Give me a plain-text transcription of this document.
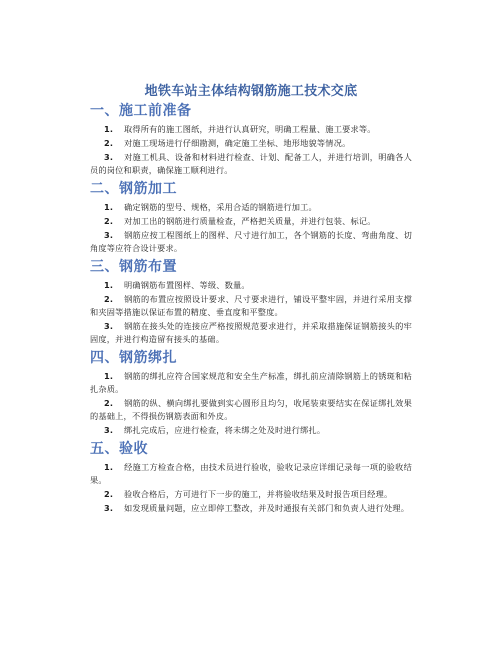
地铁车站主体结构钢筋施工技术交底
一、施工前准备

1. 取得所有的施工图纸，并进行认真研究，明确工程量、施工要求等。

2. 对施工现场进行仔细勘测，确定施工坐标、地形地貌等情况。

3. 对施工机具、设备和材料进行检查、计划、配备工人，并进行培训，明确各人员的岗位和职责，确保施工顺利进行。

二、钢筋加工

1. 确定钢筋的型号、规格，采用合适的钢筋进行加工。

2. 对加工出的钢筋进行质量检查，严格把关质量，并进行包装、标记。

3. 钢筋应按工程图纸上的图样、尺寸进行加工，各个钢筋的长度、弯曲角度、切角度等应符合设计要求。

三、钢筋布置

1. 明确钢筋布置图样、等级、数量。

2. 钢筋的布置应按照设计要求、尺寸要求进行，铺设平整牢固，并进行采用支撑和夹固等措施以保证布置的精度、垂直度和平整度。

3. 钢筋在接头处的连接应严格按照规范要求进行，并采取措施保证钢筋接头的牢固度，并进行构造留有接头的基础。

四、钢筋绑扎

1. 钢筋的绑扎应符合国家规范和安全生产标准，绑扎前应清除钢筋上的锈斑和粘扎杂质。

2. 钢筋的纵、横向绑扎要做到实心圆形且均匀，收尾装束要结实在保证绑扎效果的基础上，不得损伤钢筋表面和外皮。

3. 绑扎完成后，应进行检查，将未绑之处及时进行绑扎。

五、验收

1. 经施工方检查合格，由技术员进行验收，验收记录应详细记录每一项的验收结果。

2. 验收合格后，方可进行下一步的施工，并将验收结果及时报告项目经理。

3. 如发现质量问题，应立即停工整改，并及时通报有关部门和负责人进行处理。
